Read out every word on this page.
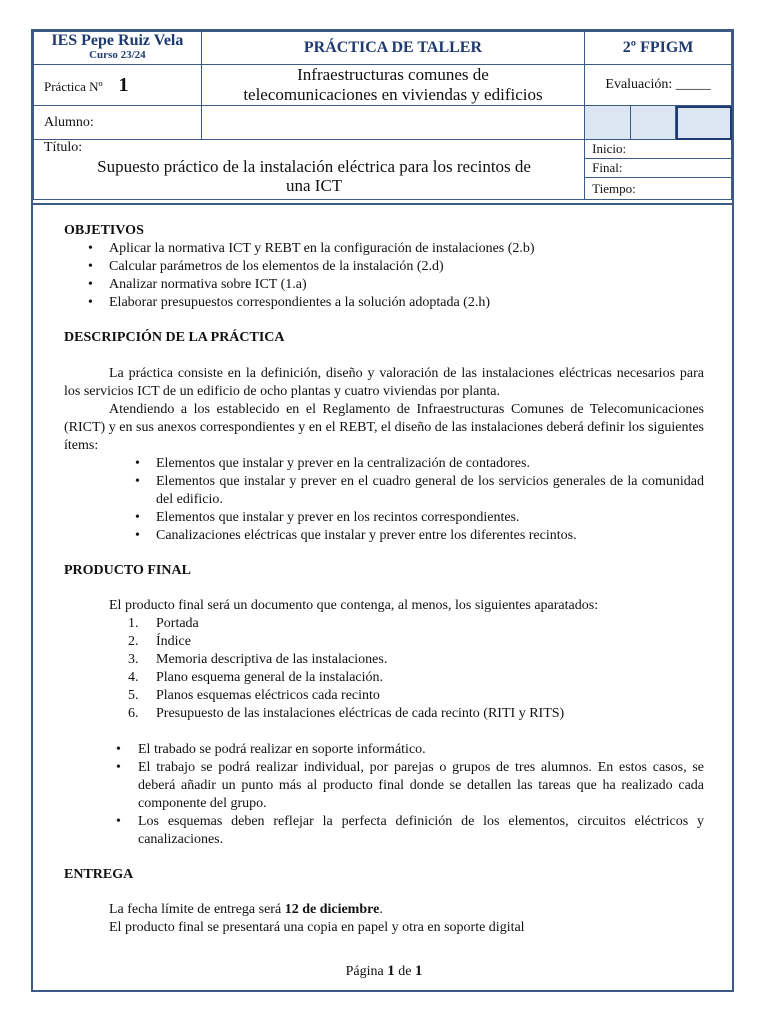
IES Pepe Ruiz Vela
Curso 23/24	PRÁCTICA DE TALLER	2º FPIGM		
Práctica Nº 1	Infraestructuras comunes de
telecomunicaciones en viviendas y edificios	Evaluación: _____		
Alumno:				

Título:
Supuesto práctico de la instalación eléctrica para los recintos de
una ICT		Inicio:		
		Final:		
		Tiempo:		

OBJETIVOS

• Aplicar la normativa ICT y REBT en la configuración de instalaciones (2.b)
• Calcular parámetros de los elementos de la instalación (2.d)
• Analizar normativa sobre ICT (1.a)
• Elaborar presupuestos correspondientes a la solución adoptada (2.h)

DESCRIPCIÓN DE LA PRÁCTICA

La práctica consiste en la definición, diseño y valoración de las instalaciones eléctricas necesarios para los servicios ICT de un edificio de ocho plantas y cuatro viviendas por planta.

Atendiendo a los establecido en el Reglamento de Infraestructuras Comunes de Telecomunicaciones (RICT) y en sus anexos correspondientes y en el REBT, el diseño de las instalaciones deberá definir los siguientes ítems:

• Elementos que instalar y prever en la centralización de contadores.
• Elementos que instalar y prever en el cuadro general de los servicios generales de la comunidad del edificio.
• Elementos que instalar y prever en los recintos correspondientes.
• Canalizaciones eléctricas que instalar y prever entre los diferentes recintos.

PRODUCTO FINAL

El producto final será un documento que contenga, al menos, los siguientes aparatados:

1. Portada
2. Índice
3. Memoria descriptiva de las instalaciones.
4. Plano esquema general de la instalación.
5. Planos esquemas eléctricos cada recinto
6. Presupuesto de las instalaciones eléctricas de cada recinto (RITI y RITS)
• El trabado se podrá realizar en soporte informático.
• El trabajo se podrá realizar individual, por parejas o grupos de tres alumnos. En estos casos, se deberá añadir un punto más al producto final donde se detallen las tareas que ha realizado cada componente del grupo.
• Los esquemas deben reflejar la perfecta definición de los elementos, circuitos eléctricos y canalizaciones.

ENTREGA

La fecha límite de entrega será 12 de diciembre.

El producto final se presentará una copia en papel y otra en soporte digital

Página 1 de 1
